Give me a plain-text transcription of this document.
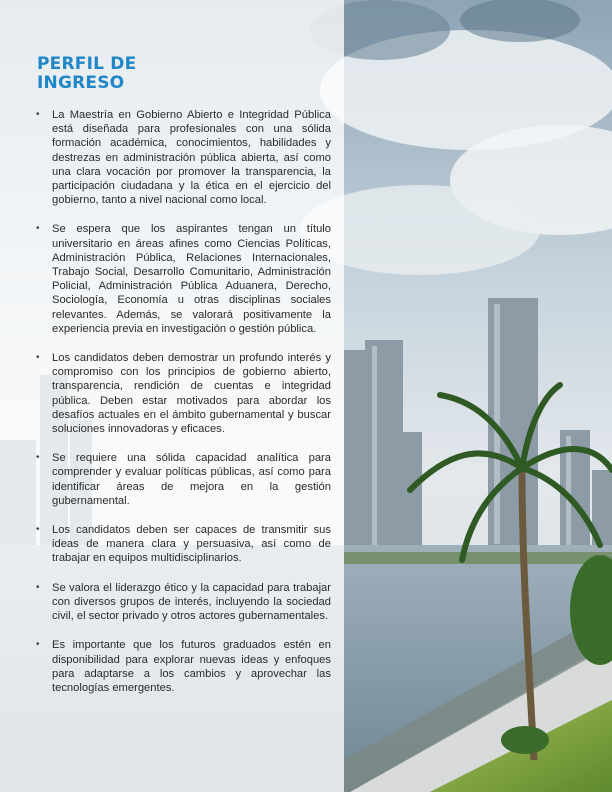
PERFIL DE
INGRESO
• La Maestría en Gobierno Abierto e Integridad Pública está diseñada para profesionales con una sólida formación académica, conocimientos, habilidades y destrezas en administración pública abierta, así como una clara vocación por promover la transparencia, la participación ciudadana y la ética en el ejercicio del gobierno, tanto a nivel nacional como local.
• Se espera que los aspirantes tengan un título universitario en áreas afines como Ciencias Políticas, Administración Pública, Relaciones Internacionales, Trabajo Social, Desarrollo Comunitario, Administración Policial, Administración Pública Aduanera, Derecho, Sociología, Economía u otras disciplinas sociales relevantes. Además, se valorará positivamente la experiencia previa en investigación o gestión pública.
• Los candidatos deben demostrar un profundo interés y compromiso con los principios de gobierno abierto, transparencia, rendición de cuentas e integridad pública. Deben estar motivados para abordar los desafíos actuales en el ámbito gubernamental y buscar soluciones innovadoras y eficaces.
• Se requiere una sólida capacidad analítica para comprender y evaluar políticas públicas, así como para identificar áreas de mejora en la gestión gubernamental.
• Los candidatos deben ser capaces de transmitir sus ideas de manera clara y persuasiva, así como de trabajar en equipos multidisciplinarios.
• Se valora el liderazgo ético y la capacidad para trabajar con diversos grupos de interés, incluyendo la sociedad civil, el sector privado y otros actores gubernamentales.
• Es importante que los futuros graduados estén en disponibilidad para explorar nuevas ideas y enfoques para adaptarse a los cambios y aprovechar las tecnologías emergentes.
